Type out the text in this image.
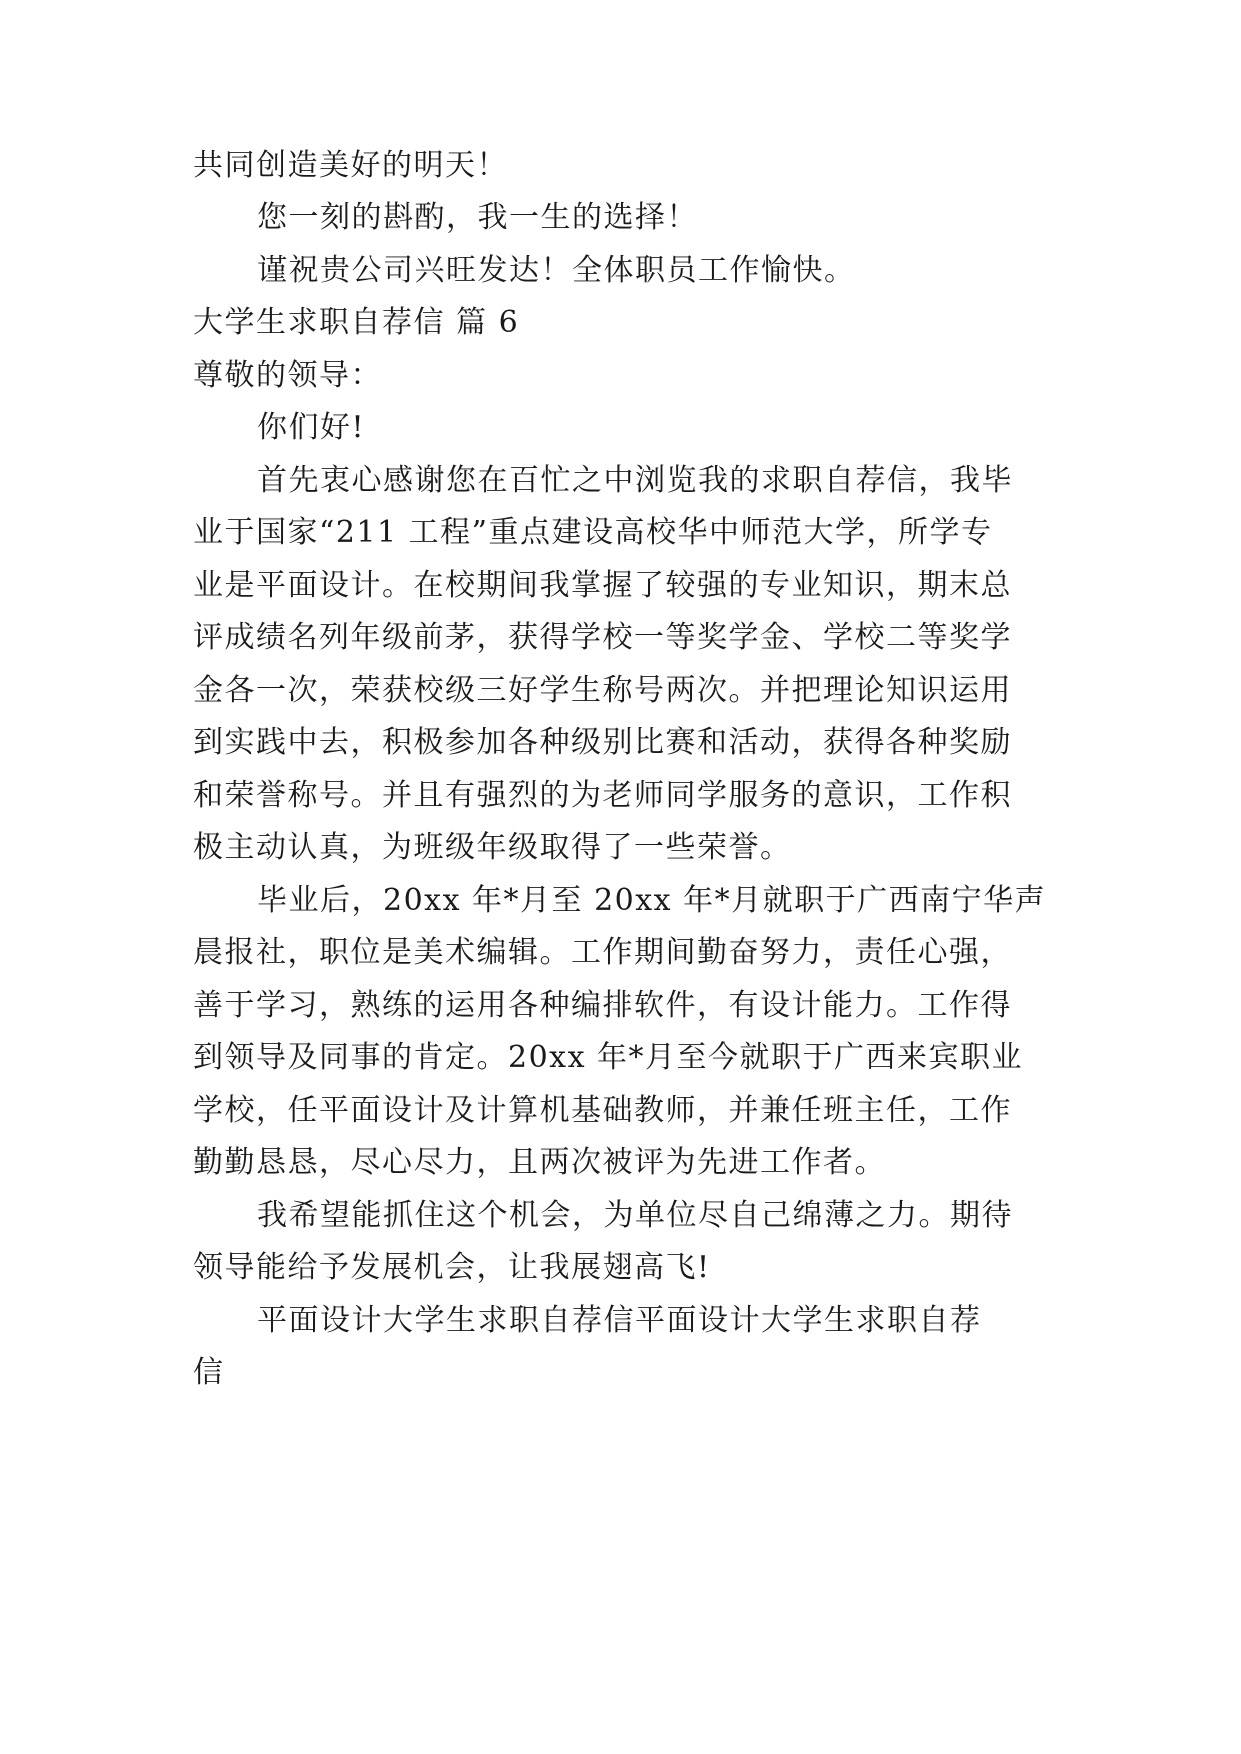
共同创造美好的明天！
您一刻的斟酌，我一生的选择！
谨祝贵公司兴旺发达！全体职员工作愉快。
大学生求职自荐信 篇 6
尊敬的领导：
你们好!
首先衷心感谢您在百忙之中浏览我的求职自荐信，我毕
业于国家“211 工程”重点建设高校华中师范大学，所学专
业是平面设计。在校期间我掌握了较强的专业知识，期末总
评成绩名列年级前茅，获得学校一等奖学金、学校二等奖学
金各一次，荣获校级三好学生称号两次。并把理论知识运用
到实践中去，积极参加各种级别比赛和活动，获得各种奖励
和荣誉称号。并且有强烈的为老师同学服务的意识，工作积
极主动认真，为班级年级取得了一些荣誉。
毕业后，20xx 年*月至 20xx 年*月就职于广西南宁华声
晨报社，职位是美术编辑。工作期间勤奋努力，责任心强，
善于学习，熟练的运用各种编排软件，有设计能力。工作得
到领导及同事的肯定。20xx 年*月至今就职于广西来宾职业
学校，任平面设计及计算机基础教师，并兼任班主任，工作
勤勤恳恳，尽心尽力，且两次被评为先进工作者。
我希望能抓住这个机会，为单位尽自己绵薄之力。期待
领导能给予发展机会，让我展翅高飞!
平面设计大学生求职自荐信平面设计大学生求职自荐
信
